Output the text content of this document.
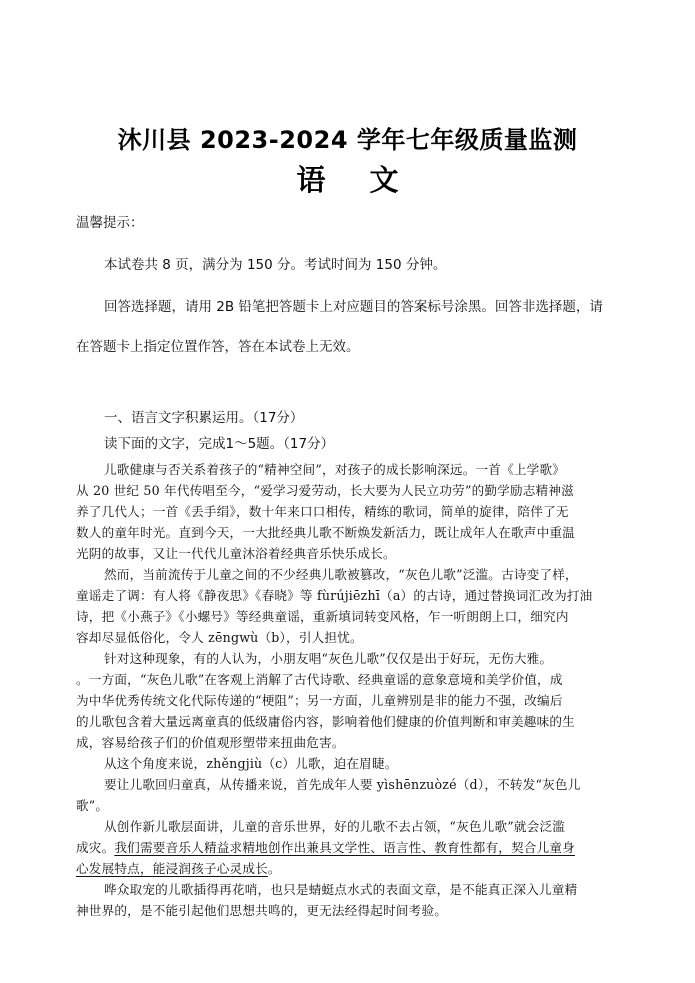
沐川县 2023-2024 学年七年级质量监测
语文
温馨提示：
本试卷共 8 页，满分为 150 分。考试时间为 150 分钟。
回答选择题，请用 2B 铅笔把答题卡上对应题目的答案标号涂黑。回答非选择题，请
在答题卡上指定位置作答，答在本试卷上无效。
一、语言文字积累运用。（17分）
读下面的文字，完成1～5题。（17分）
儿歌健康与否关系着孩子的“精神空间”，对孩子的成长影响深远。一首《上学歌》
从 20 世纪 50 年代传唱至今，“爱学习爱劳动，长大要为人民立功劳”的勤学励志精神滋
养了几代人；一首《丢手绢》，数十年来口口相传，精练的歌词，简单的旋律，陪伴了无
数人的童年时光。直到今天，一大批经典儿歌不断焕发新活力，既让成年人在歌声中重温
光阴的故事，又让一代代儿童沐浴着经典音乐快乐成长。
然而，当前流传于儿童之间的不少经典儿歌被篡改，“灰色儿歌”泛滥。古诗变了样，
童谣走了调：有人将《静夜思》《春晓》等 fùrújiēzhī（a）的古诗，通过替换词汇改为打油
诗，把《小燕子》《小螺号》等经典童谣，重新填词转变风格，乍一听朗朗上口，细究内
容却尽显低俗化，令人 zēngwù（b），引人担忧。
针对这种现象，有的人认为，小朋友唱“灰色儿歌”仅仅是出于好玩，无伤大雅。
。一方面，“灰色儿歌”在客观上消解了古代诗歌、经典童谣的意象意境和美学价值，成
为中华优秀传统文化代际传递的“梗阻”；另一方面，儿童辨别是非的能力不强，改编后
的儿歌包含着大量远离童真的低级庸俗内容，影响着他们健康的价值判断和审美趣味的生
成，容易给孩子们的价值观形塑带来扭曲危害。
从这个角度来说，zhěngjiù（c）儿歌，迫在眉睫。
要让儿歌回归童真，从传播来说，首先成年人要 yìshēnzuòzé（d），不转发“灰色儿
歌”。
从创作新儿歌层面讲，儿童的音乐世界，好的儿歌不去占领，“灰色儿歌”就会泛滥
成灾。我们需要音乐人精益求精地创作出兼具文学性、语言性、教育性都有，契合儿童身
心发展特点，能浸润孩子心灵成长。
哗众取宠的儿歌插得再花哨，也只是蜻蜓点水式的表面文章，是不能真正深入儿童精
神世界的，是不能引起他们思想共鸣的，更无法经得起时间考验。
